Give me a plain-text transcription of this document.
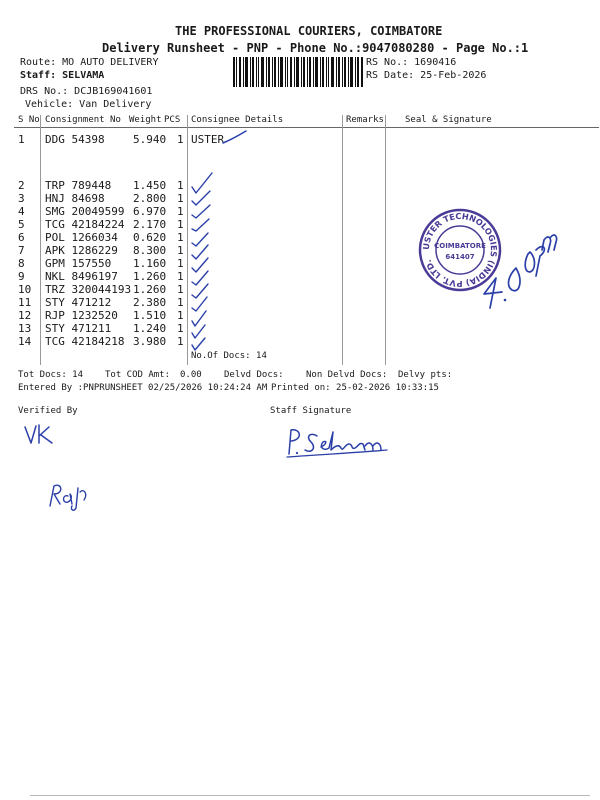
THE PROFESSIONAL COURIERS, COIMBATORE
Delivery Runsheet - PNP - Phone No.:9047080280 - Page No.:1
Route: MO AUTO DELIVERY
Staff: SELVAMA
DRS No.: DCJB169041601
Vehicle: Van Delivery
RS No.: 1690416
RS Date: 25-Feb-2026
S No Consignment No Weight PCS Consignee Details	Remarks Seal & Signature
1 DDG 54398	5.940 1 USTER
2 TRP 789448 1.450 1
3 HNJ 84698	2.800 1
4 SMG 20049599 6.970 1
5 TCG 42184224 2.170 1
6 POL 1266034 0.620 1
7 APK 1286229 8.300 1
8 GPM 157550 1.160 1
9 NKL 8496197 1.260 1
10 TRZ 320044193 1.260 1
11 STY 471212 2.380 1
12 RJP 1232520 1.510 1
13 STY 471211 1.240 1
14 TCG 42184218 3.980 1
No.Of Docs: 14
USTER TECHNOLOGIES (INDIA) PVT. LTD.
COIMBATORE
641407
Tot Docs: 14 Tot COD Amt: 0.00 Delvd Docs: Non Delvd Docs: Delvy pts:
Entered By :PNPRUNSHEET 02/25/2026 10:24:24 AM Printed on: 25-02-2026 10:33:15
Verified By	Staff Signature
